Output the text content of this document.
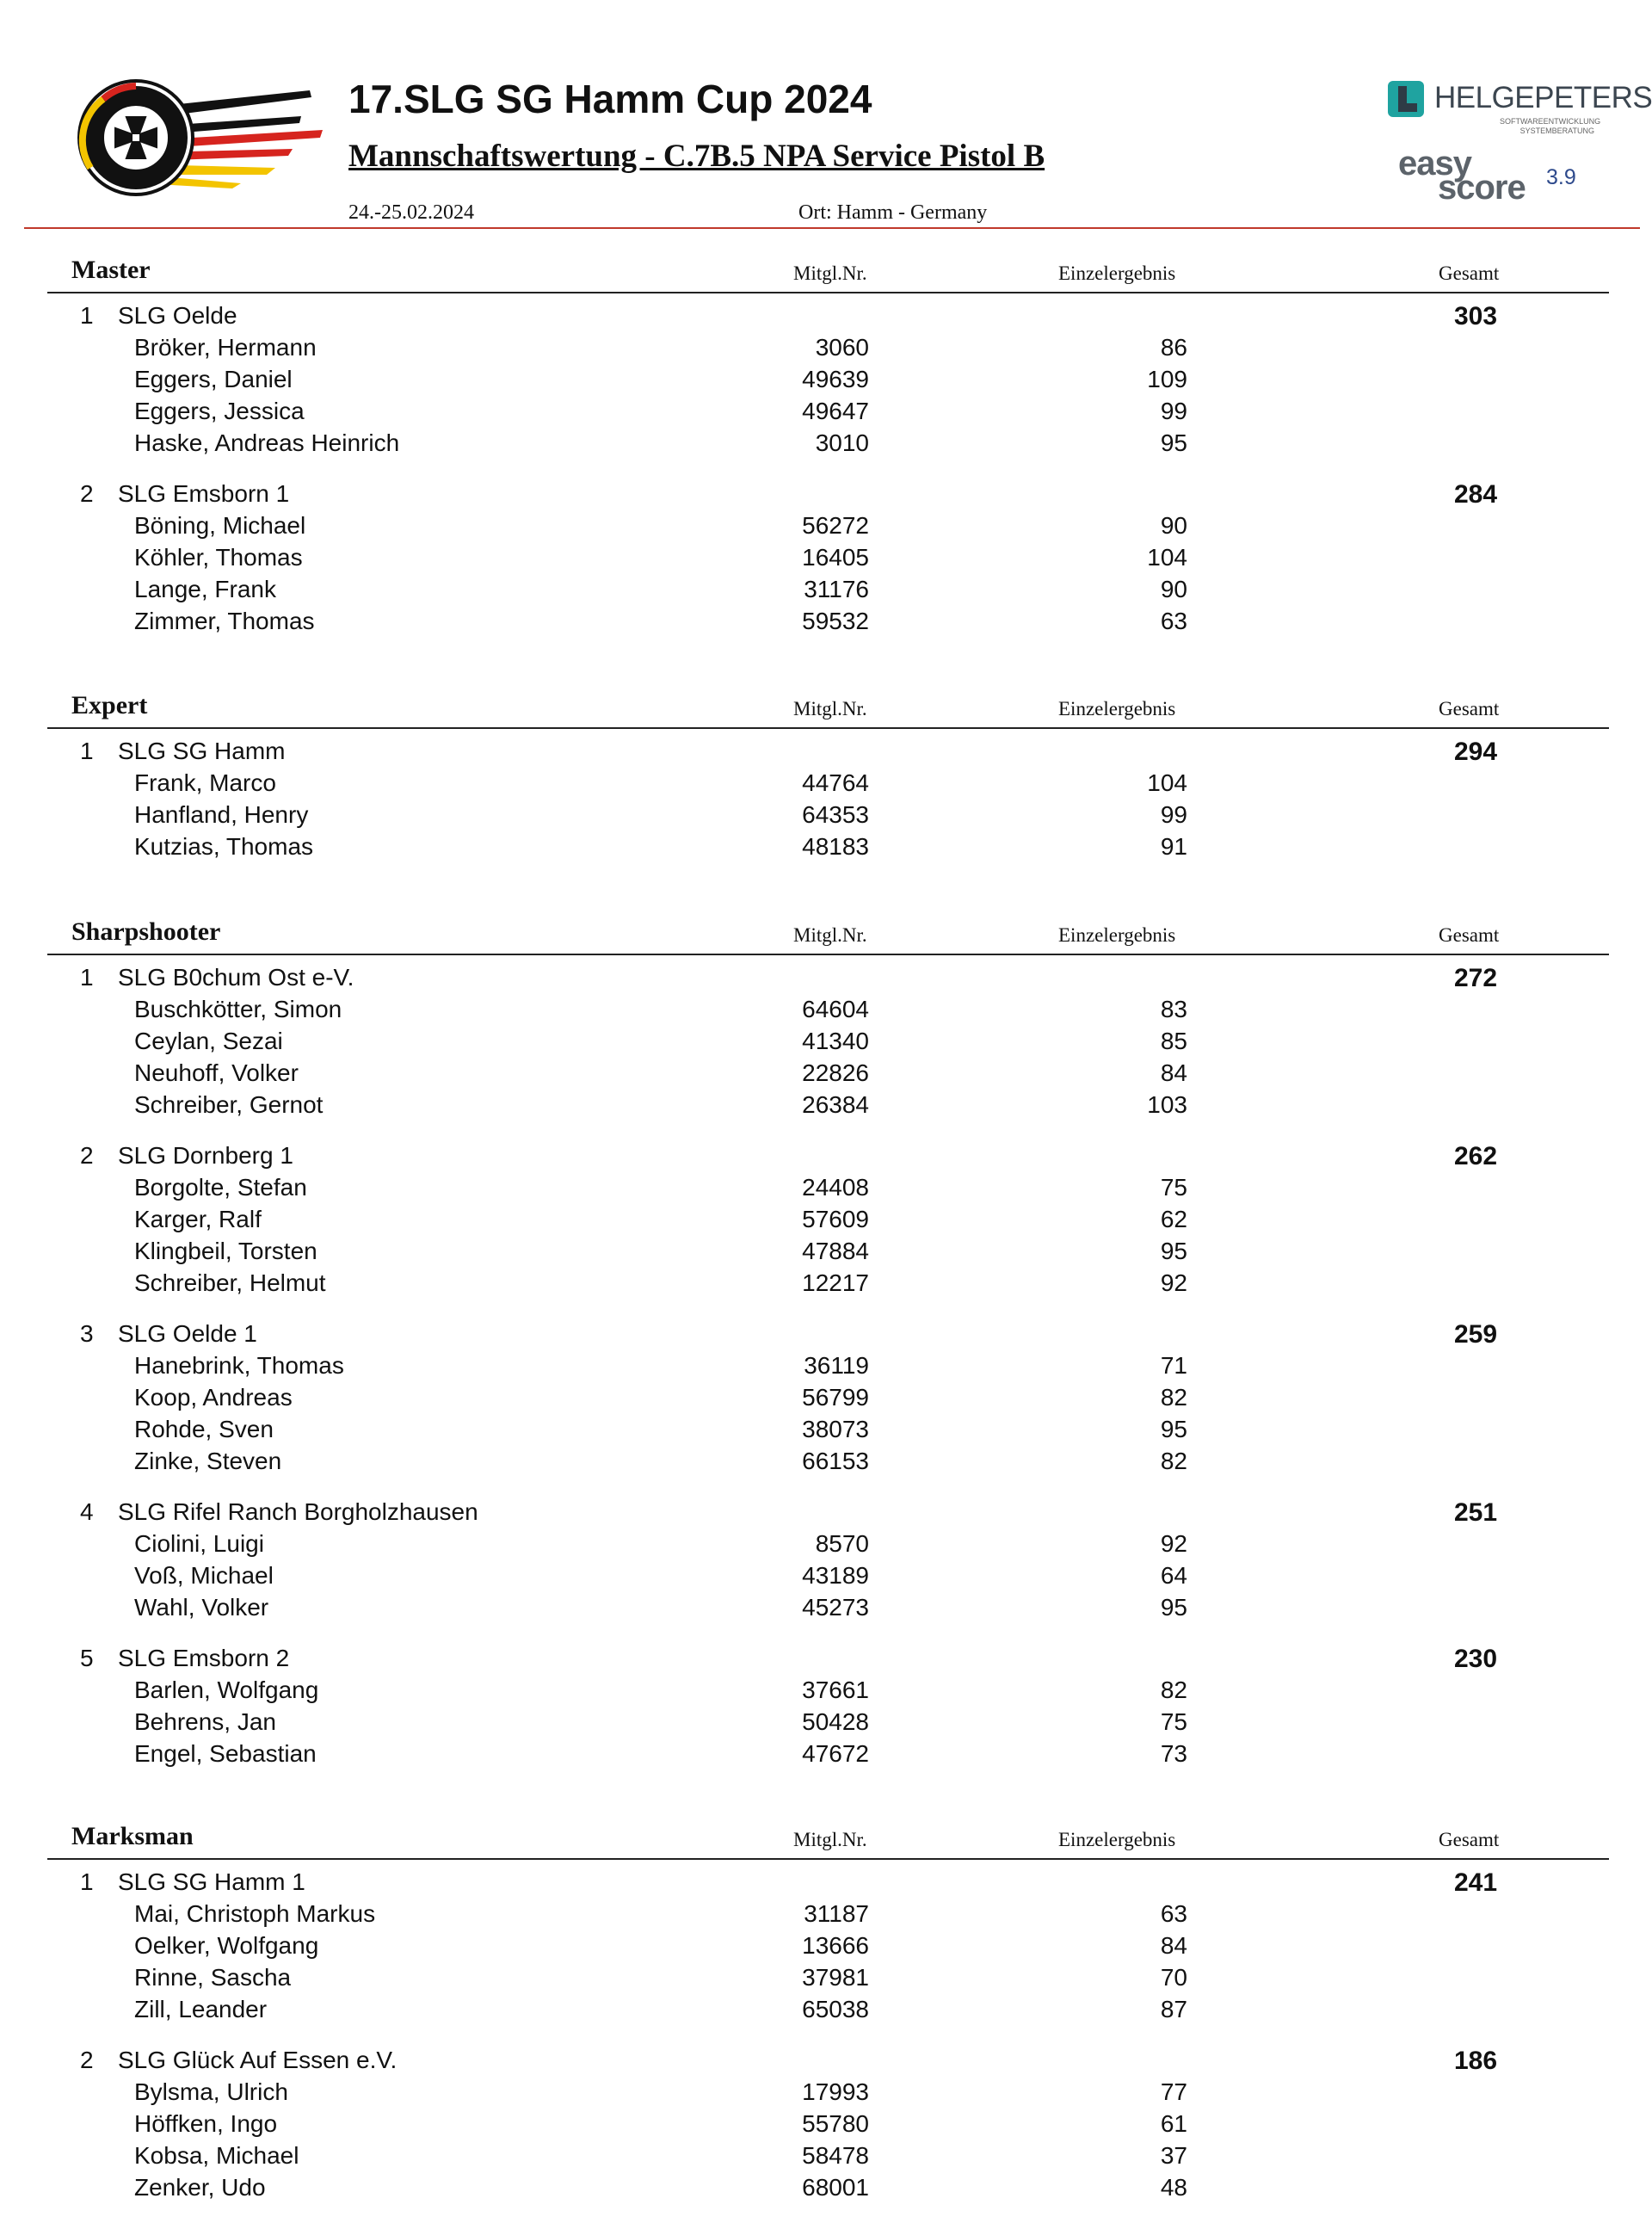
17.SLG SG Hamm Cup 2024
Mannschaftswertung - C.7B.5 NPA Service Pistol B
24.-25.02.2024	Ort: Hamm - Germany
HELGEPETERS
SOFTWAREENTWICKLUNG SYSTEMBERATUNG
easy
score 3.9
Master	Mitgl.Nr.	Einzelergebnis	Gesamt
1 SLG Oelde	303
Bröker, Hermann	3060	86
Eggers, Daniel	49639	109
Eggers, Jessica	49647	99
Haske, Andreas Heinrich	3010	95
2 SLG Emsborn 1	284
Böning, Michael	56272	90
Köhler, Thomas	16405	104
Lange, Frank	31176	90
Zimmer, Thomas	59532	63
Expert	Mitgl.Nr.	Einzelergebnis	Gesamt
1 SLG SG Hamm	294
Frank, Marco	44764	104
Hanfland, Henry	64353	99
Kutzias, Thomas	48183	91
Sharpshooter	Mitgl.Nr.	Einzelergebnis	Gesamt
1 SLG B0chum Ost e-V.	272
Buschkötter, Simon	64604	83
Ceylan, Sezai	41340	85
Neuhoff, Volker	22826	84
Schreiber, Gernot	26384	103
2 SLG Dornberg 1	262
Borgolte, Stefan	24408	75
Karger, Ralf	57609	62
Klingbeil, Torsten	47884	95
Schreiber, Helmut	12217	92
3 SLG Oelde 1	259
Hanebrink, Thomas	36119	71
Koop, Andreas	56799	82
Rohde, Sven	38073	95
Zinke, Steven	66153	82
4 SLG Rifel Ranch Borgholzhausen	251
Ciolini, Luigi	8570	92
Voß, Michael	43189	64
Wahl, Volker	45273	95
5 SLG Emsborn 2	230
Barlen, Wolfgang	37661	82
Behrens, Jan	50428	75
Engel, Sebastian	47672	73
Marksman	Mitgl.Nr.	Einzelergebnis	Gesamt
1 SLG SG Hamm 1	241
Mai, Christoph Markus	31187	63
Oelker, Wolfgang	13666	84
Rinne, Sascha	37981	70
Zill, Leander	65038	87
2 SLG Glück Auf Essen e.V.	186
Bylsma, Ulrich	17993	77
Höffken, Ingo	55780	61
Kobsa, Michael	58478	37
Zenker, Udo	68001	48
